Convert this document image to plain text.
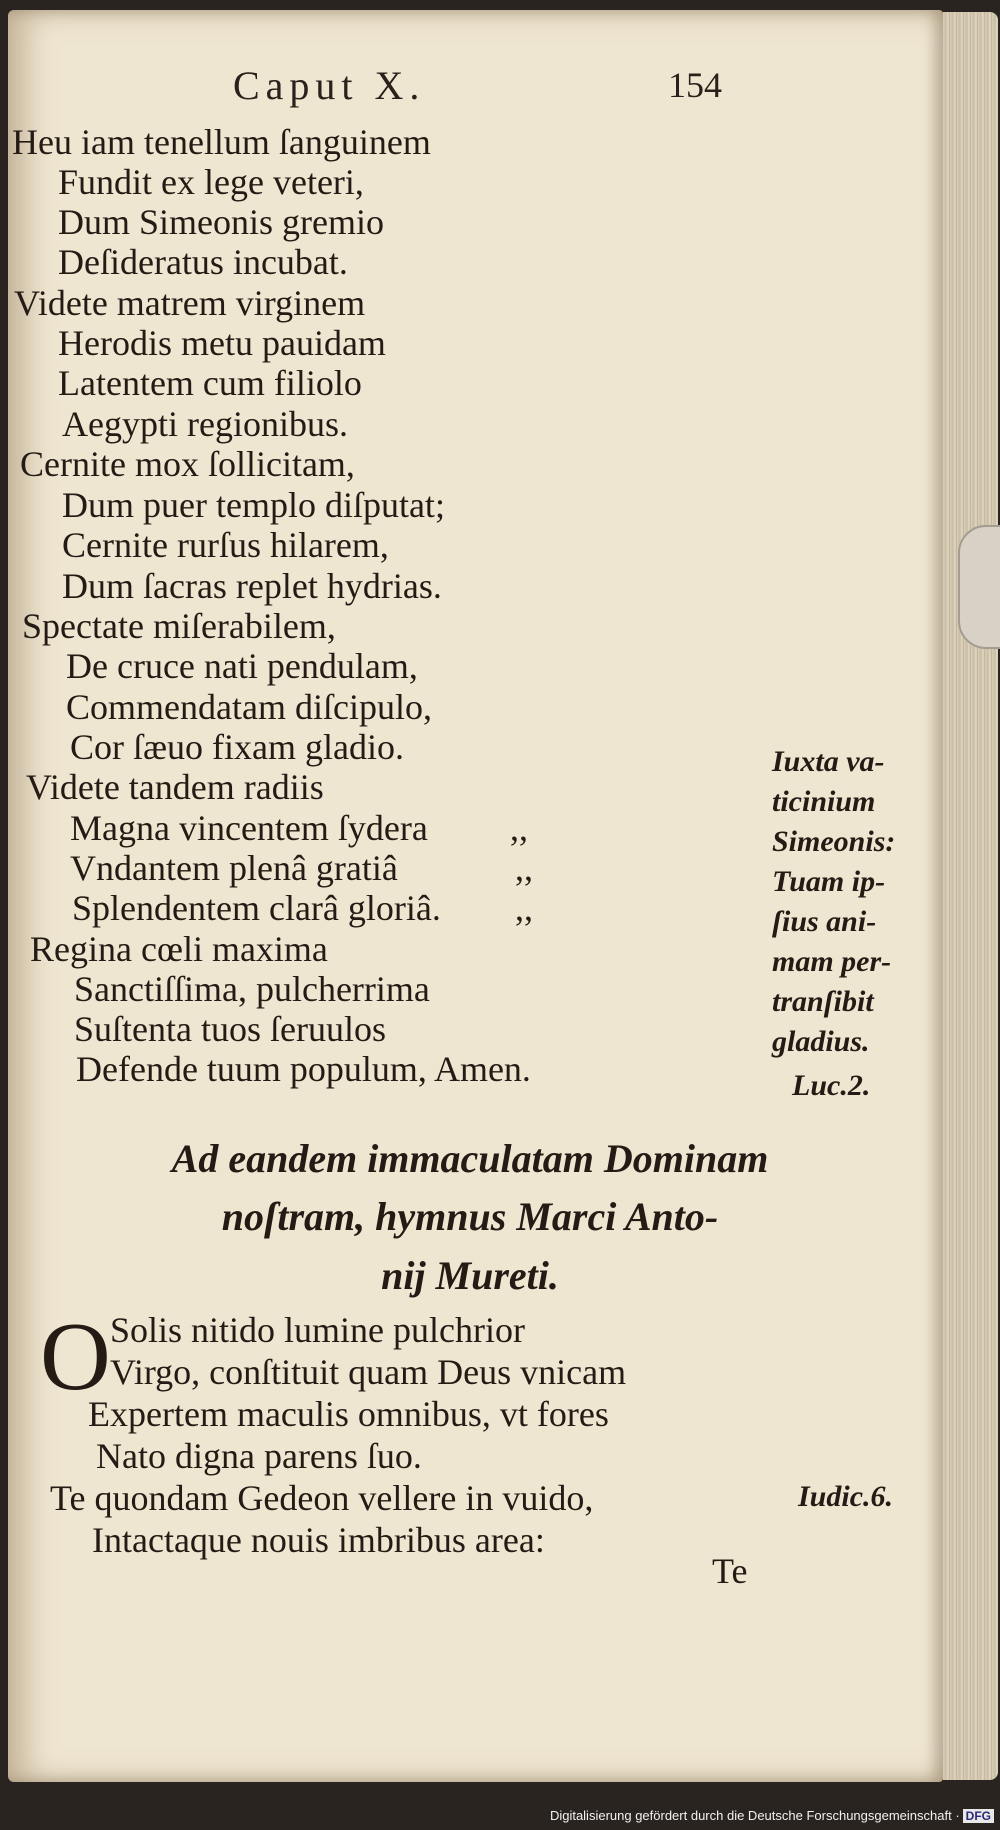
Caput X.	154
Heu iam tenellum ſanguinem
Fundit ex lege veteri,
Dum Simeonis gremio
Deſideratus incubat.
Videte matrem virginem
Herodis metu pauidam
Latentem cum filiolo
Aegypti regionibus.
Cernite mox ſollicitam,
Dum puer templo diſputat;
Cernite rurſus hilarem,
Dum ſacras replet hydrias.
Spectate miſerabilem,
De cruce nati pendulam,
Commendatam diſcipulo,
Cor ſæuo fixam gladio.
Videte tandem radiis
Magna vincentem ſydera
Vndantem plenâ gratiâ
Splendentem clarâ gloriâ.
Regina cœli maxima
Sanctiſſima, pulcherrima
Suſtenta tuos ſeruulos
Defende tuum populum, Amen.
,,
,,
,,
Iuxta va-
ticinium
Simeonis:
Tuam ip-
ſius ani-
mam per-
tranſibit
gladius.
Luc.2.
Ad eandem immaculatam Dominam
noſtram, hymnus Marci Anto-
nij Mureti.
O Solis nitido lumine pulchrior
Virgo, conſtituit quam Deus vnicam
Expertem maculis omnibus, vt fores
Nato digna parens ſuo.
Te quondam Gedeon vellere in vuido,
Intactaque nouis imbribus area:
Iudic.6.
Te
Digitalisierung gefördert durch die Deutsche Forschungsgemeinschaft · DFG
